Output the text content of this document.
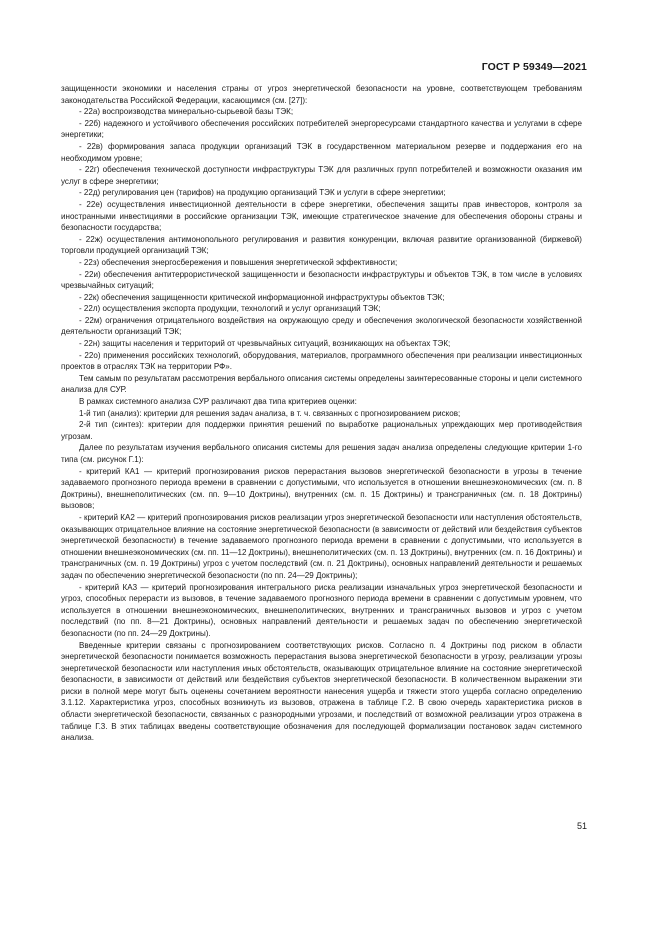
ГОСТ Р 59349—2021

защищенности экономики и населения страны от угроз энергетической безопасности на уровне, соответствующем требованиям законодательства Российской Федерации, касающимся (см. [27]):

- 22а) воспроизводства минерально-сырьевой базы ТЭК;

- 22б) надежного и устойчивого обеспечения российских потребителей энергоресурсами стандартного качества и услугами в сфере энергетики;

- 22в) формирования запаса продукции организаций ТЭК в государственном материальном резерве и поддержания его на необходимом уровне;

- 22г) обеспечения технической доступности инфраструктуры ТЭК для различных групп потребителей и возможности оказания им услуг в сфере энергетики;

- 22д) регулирования цен (тарифов) на продукцию организаций ТЭК и услуги в сфере энергетики;

- 22е) осуществления инвестиционной деятельности в сфере энергетики, обеспечения защиты прав инвесторов, контроля за иностранными инвестициями в российские организации ТЭК, имеющие стратегическое значение для обеспечения обороны страны и безопасности государства;

- 22ж) осуществления антимонопольного регулирования и развития конкуренции, включая развитие организованной (биржевой) торговли продукцией организаций ТЭК;

- 22з) обеспечения энергосбережения и повышения энергетической эффективности;

- 22и) обеспечения антитеррористической защищенности и безопасности инфраструктуры и объектов ТЭК, в том числе в условиях чрезвычайных ситуаций;

- 22к) обеспечения защищенности критической информационной инфраструктуры объектов ТЭК;

- 22л) осуществления экспорта продукции, технологий и услуг организаций ТЭК;

- 22м) ограничения отрицательного воздействия на окружающую среду и обеспечения экологической безопасности хозяйственной деятельности организаций ТЭК;

- 22н) защиты населения и территорий от чрезвычайных ситуаций, возникающих на объектах ТЭК;

- 22о) применения российских технологий, оборудования, материалов, программного обеспечения при реализации инвестиционных проектов в отраслях ТЭК на территории РФ».

Тем самым по результатам рассмотрения вербального описания системы определены заинтересованные стороны и цели системного анализа для СУР.

В рамках системного анализа СУР различают два типа критериев оценки:

1-й тип (анализ): критерии для решения задач анализа, в т. ч. связанных с прогнозированием рисков;

2-й тип (синтез): критерии для поддержки принятия решений по выработке рациональных упреждающих мер противодействия угрозам.

Далее по результатам изучения вербального описания системы для решения задач анализа определены следующие критерии 1-го типа (см. рисунок Г.1):

- критерий КА1 — критерий прогнозирования рисков перерастания вызовов энергетической безопасности в угрозы в течение задаваемого прогнозного периода времени в сравнении с допустимыми, что используется в отношении внешнеэкономических (см. п. 8 Доктрины), внешнеполитических (см. пп. 9—10 Доктрины), внутренних (см. п. 15 Доктрины) и трансграничных (см. п. 18 Доктрины) вызовов;

- критерий КА2 — критерий прогнозирования рисков реализации угроз энергетической безопасности или наступления обстоятельств, оказывающих отрицательное влияние на состояние энергетической безопасности (в зависимости от действий или бездействия субъектов энергетической безопасности) в течение задаваемого прогнозного периода времени в сравнении с допустимыми, что используется в отношении внешнеэкономических (см. пп. 11—12 Доктрины), внешнеполитических (см. п. 13 Доктрины), внутренних (см. п. 16 Доктрины) и трансграничных (см. п. 19 Доктрины) угроз с учетом последствий (см. п. 21 Доктрины), основных направлений деятельности и решаемых задач по обеспечению энергетической безопасности (по пп. 24—29 Доктрины);

- критерий КА3 — критерий прогнозирования интегрального риска реализации изначальных угроз энергетической безопасности и угроз, способных перерасти из вызовов, в течение задаваемого прогнозного периода времени в сравнении с допустимым уровнем, что используется в отношении внешнеэкономических, внешнеполитических, внутренних и трансграничных вызовов и угроз с учетом последствий (по пп. 8—21 Доктрины), основных направлений деятельности и решаемых задач по обеспечению энергетической безопасности (по пп. 24—29 Доктрины).

Введенные критерии связаны с прогнозированием соответствующих рисков. Согласно п. 4 Доктрины под риском в области энергетической безопасности понимается возможность перерастания вызова энергетической безопасности в угрозу, реализации угрозы энергетической безопасности или наступления иных обстоятельств, оказывающих отрицательное влияние на состояние энергетической безопасности, в зависимости от действий или бездействия субъектов энергетической безопасности. В количественном выражении эти риски в полной мере могут быть оценены сочетанием вероятности нанесения ущерба и тяжести этого ущерба согласно определению 3.1.12. Характеристика угроз, способных возникнуть из вызовов, отражена в таблице Г.2. В свою очередь характеристика рисков в области энергетической безопасности, связанных с разнородными угрозами, и последствий от возможной реализации угроз отражена в таблице Г.3. В этих таблицах введены соответствующие обозначения для последующей формализации постановок задач системного анализа.

51
